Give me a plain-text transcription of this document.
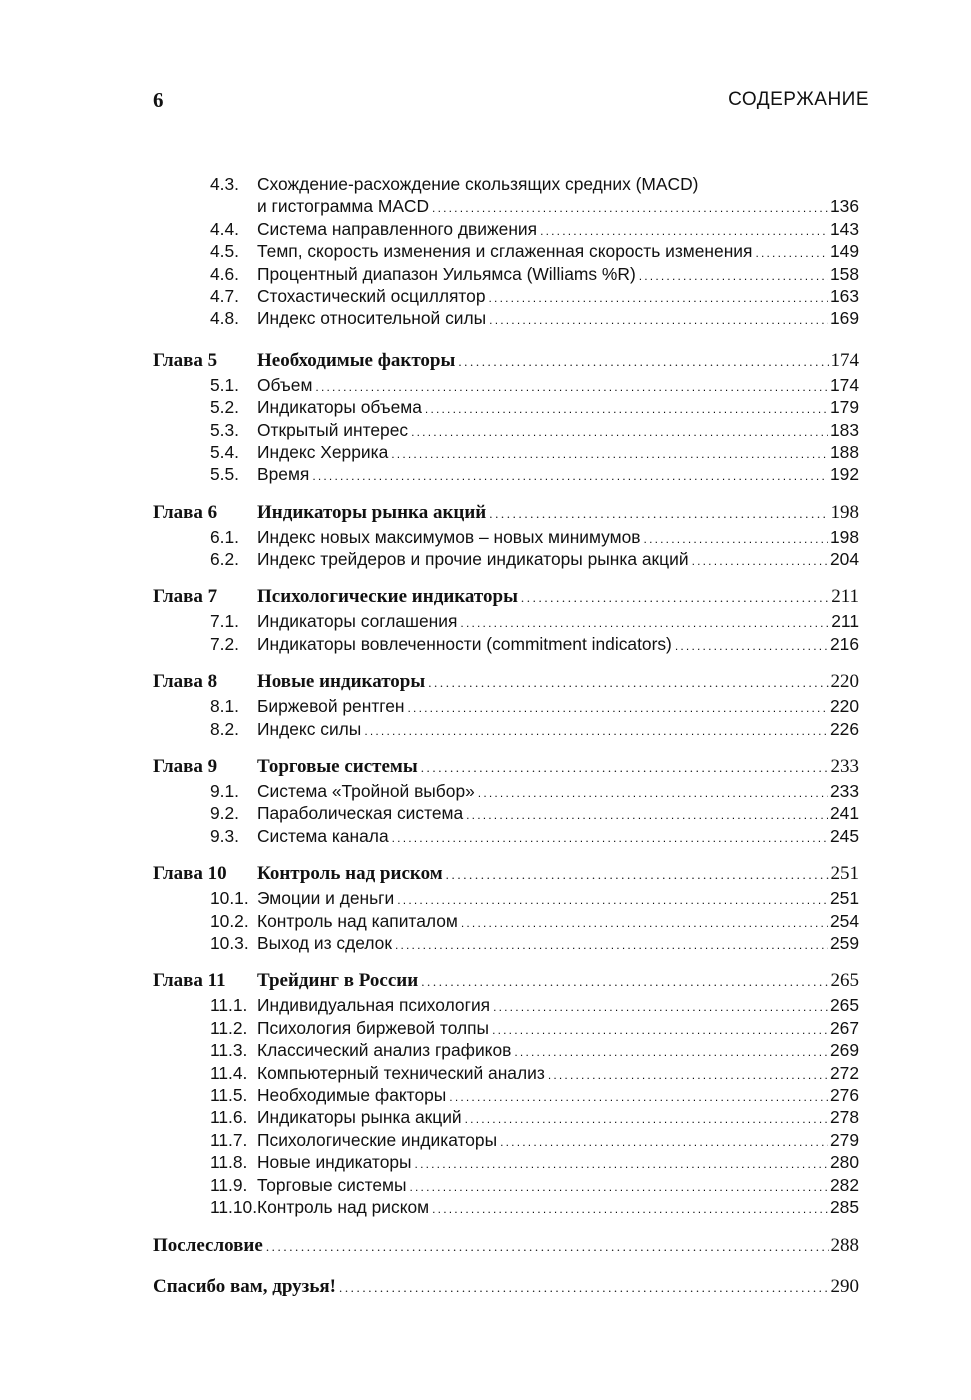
6	СОДЕРЖАНИЕ
4.3. Схождение-расхождение скользящих средних (MACD)
и гистограмма MACD .....	136
4.4. Система направленного движения .....	143
4.5. Темп, скорость изменения и сглаженная скорость изменения .....	149
4.6. Процентный диапазон Уильямса (Williams %R) .....	158
4.7. Стохастический осциллятор .....	163
4.8. Индекс относительной силы .....	169
Глава 5 Необходимые факторы .....	174
5.1. Объем .....	174
5.2. Индикаторы объема .....	179
5.3. Открытый интерес .....	183
5.4. Индекс Херрика .....	188
5.5. Время .....	192
Глава 6 Индикаторы рынка акций .....	198
6.1. Индекс новых максимумов – новых минимумов .....	198
6.2. Индекс трейдеров и прочие индикаторы рынка акций .....	204
Глава 7 Психологические индикаторы .....	211
7.1. Индикаторы соглашения .....	211
7.2. Индикаторы вовлеченности (commitment indicators) .....	216
Глава 8 Новые индикаторы .....	220
8.1. Биржевой рентген .....	220
8.2. Индекс силы .....	226
Глава 9 Торговые системы .....	233
9.1. Система «Тройной выбор» .....	233
9.2. Параболическая система .....	241
9.3. Система канала .....	245
Глава 10 Контроль над риском .....	251
10.1. Эмоции и деньги .....	251
10.2. Контроль над капиталом .....	254
10.3. Выход из сделок .....	259
Глава 11 Трейдинг в России .....	265
11.1. Индивидуальная психология .....	265
11.2. Психология биржевой толпы .....	267
11.3. Классический анализ графиков .....	269
11.4. Компьютерный технический анализ .....	272
11.5. Необходимые факторы .....	276
11.6. Индикаторы рынка акций .....	278
11.7. Психологические индикаторы .....	279
11.8. Новые индикаторы .....	280
11.9. Торговые системы .....	282
11.10. Контроль над риском .....	285
Послесловие .....	288
Спасибо вам, друзья! .....	290
